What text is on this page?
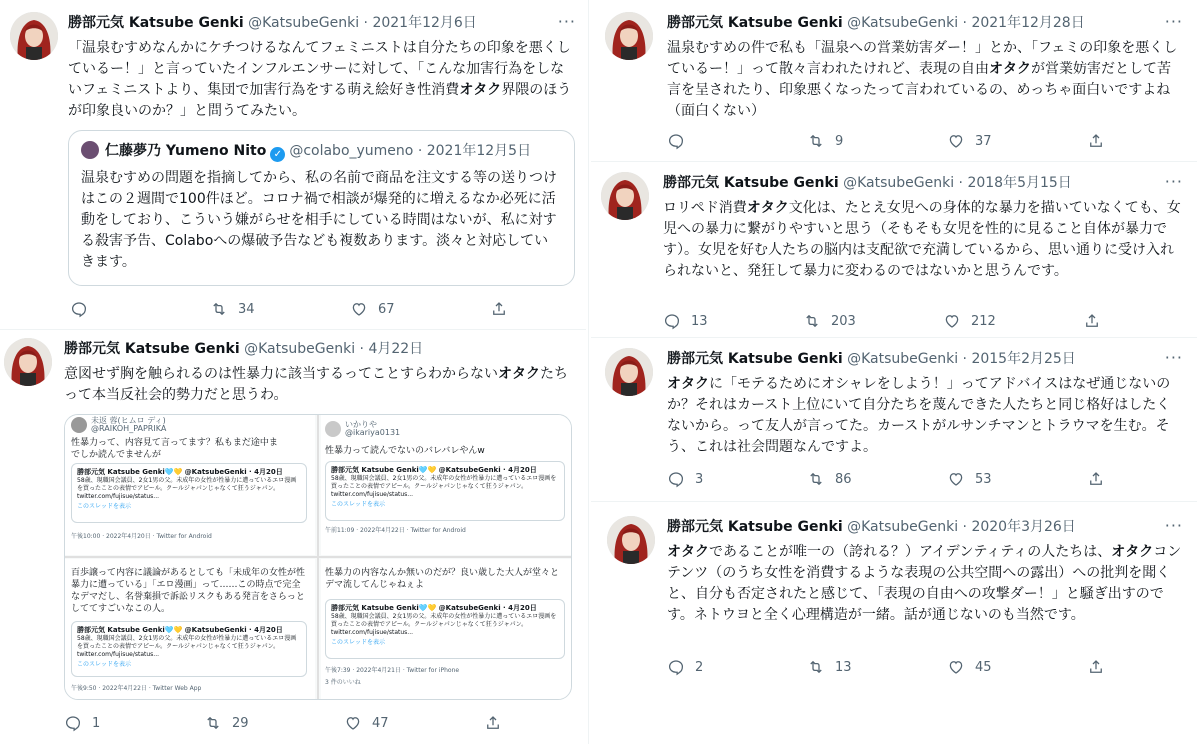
勝部元気 Katsube Genki @KatsubeGenki · 2021年12月6日	···
「温泉むすめなんかにケチつけるなんてフェミニストは自分たちの印象を悪くしているー！」と言っていたインフルエンサーに対して、「こんな加害行為をしないフェミニストより、集団で加害行為をする萌え絵好き性消費オタク界隈のほうが印象良いのか？」と問うてみたい。
仁藤夢乃 Yumeno Nito ✓ @colabo_yumeno · 2021年12月5日
温泉むすめの問題を指摘してから、私の名前で商品を注文する等の送りつけはこの２週間で100件ほど。コロナ禍で相談が爆発的に増えるなか必死に活動をしており、こういう嫌がらせを相手にしている時間はないが、私に対する殺害予告、Colaboへの爆破予告なども複数あります。淡々と対応していきます。
34	67
勝部元気 Katsube Genki @KatsubeGenki · 4月22日
意図せず胸を触られるのは性暴力に該当するってことすらわからないオタクたちって本当反社会的勢力だと思うわ。
未返 蓉(ヒムロ ディ)
@RAIKOH_PAPRIKA
性暴力って、内容見て言ってます？私もまだ途中までしか読んでませんが
勝部元気 Katsube Genki🩵💛 @KatsubeGenki · 4月20日
58歳、現職国会議員、2女1男の父。未成年の女性が性暴力に遭っているエロ漫画を買ったことの表情でアピール。クールジャパンじゃなくて狂うジャパン。twitter.com/fujisue/status...
このスレッドを表示
午後10:00 · 2022年4月20日 · Twitter for Android
いかりや
@ikariya0131
性暴力って読んでないのバレバレやんw
勝部元気 Katsube Genki🩵💛 @KatsubeGenki · 4月20日
58歳、現職国会議員、2女1男の父。未成年の女性が性暴力に遭っているエロ漫画を買ったことの表情でアピール。クールジャパンじゃなくて狂うジャパン。twitter.com/fujisue/status...
このスレッドを表示
午前11:09 · 2022年4月22日 · Twitter for Android
百歩譲って内容に議論があるとしても「未成年の女性が性暴力に遭っている」「エロ漫画」って……この時点で完全なデマだし、名誉棄損で訴訟リスクもある発言をさらっとしててすごいなこの人。
勝部元気 Katsube Genki🩵💛 @KatsubeGenki · 4月20日
58歳、現職国会議員、2女1男の父。未成年の女性が性暴力に遭っているエロ漫画を買ったことの表情でアピール。クールジャパンじゃなくて狂うジャパン。twitter.com/fujisue/status...
このスレッドを表示
午後9:50 · 2022年4月22日 · Twitter Web App
性暴力の内容なんか無いのだが？良い歳した大人が堂々とデマ流してんじゃねぇよ
勝部元気 Katsube Genki🩵💛 @KatsubeGenki · 4月20日
58歳、現職国会議員、2女1男の父。未成年の女性が性暴力に遭っているエロ漫画を買ったことの表情でアピール。クールジャパンじゃなくて狂うジャパン。twitter.com/fujisue/status...
このスレッドを表示
午後7:39 · 2022年4月21日 · Twitter for iPhone
3 件のいいね
1	29	47
勝部元気 Katsube Genki @KatsubeGenki · 2021年12月28日	···
温泉むすめの件で私も「温泉への営業妨害ダー！」とか、「フェミの印象を悪くしているー！」って散々言われたけれど、表現の自由オタクが営業妨害だとして苦言を呈されたり、印象悪くなったって言われているの、めっちゃ面白いですよね（面白くない）
9	37
勝部元気 Katsube Genki @KatsubeGenki · 2018年5月15日	···
ロリペド消費オタク文化は、たとえ女児への身体的な暴力を描いていなくても、女児への暴力に繋がりやすいと思う（そもそも女児を性的に見ること自体が暴力です）。女児を好む人たちの脳内は支配欲で充満しているから、思い通りに受け入れられないと、発狂して暴力に変わるのではないかと思うんです。
13	203	212
勝部元気 Katsube Genki @KatsubeGenki · 2015年2月25日	···
オタクに「モテるためにオシャレをしよう！」ってアドバイスはなぜ通じないのか？それはカースト上位にいて自分たちを蔑んできた人たちと同じ格好はしたくないから。って友人が言ってた。カーストがルサンチマンとトラウマを生む。そう、これは社会問題なんですよ。
3	86	53
勝部元気 Katsube Genki @KatsubeGenki · 2020年3月26日	···
オタクであることが唯一の（誇れる？）アイデンティティの人たちは、オタクコンテンツ（のうち女性を消費するような表現の公共空間への露出）への批判を聞くと、自分も否定されたと感じて、「表現の自由への攻撃ダー！」と騒ぎ出すのです。ネトウヨと全く心理構造が一緒。話が通じないのも当然です。
2	13	45
